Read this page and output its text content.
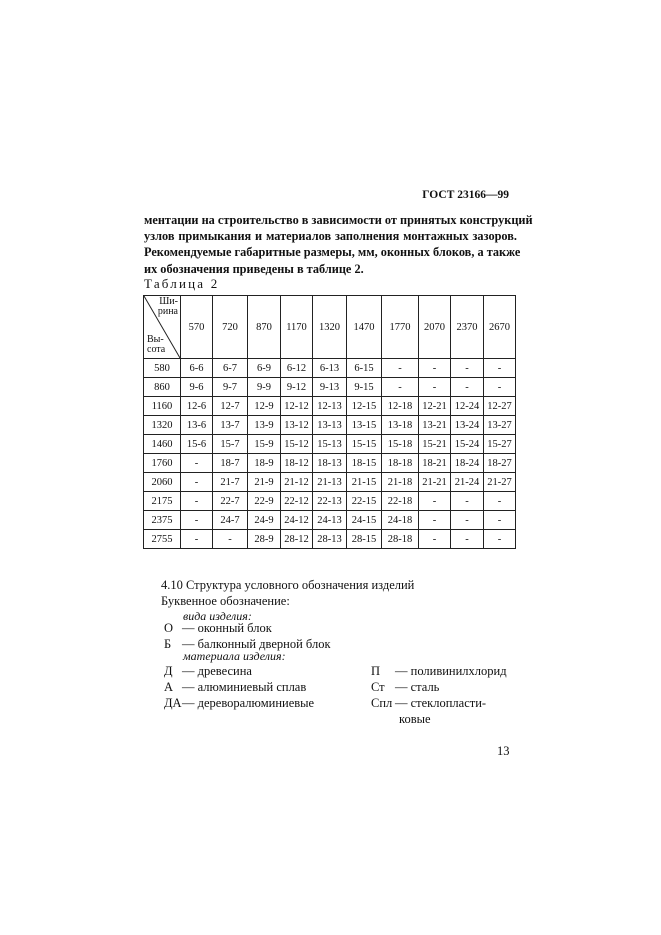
ГОСТ 23166—99
ментации на строительство в зависимости от принятых конструкций
узлов примыкания и материалов заполнения монтажных зазоров.
Рекомендуемые габаритные размеры, мм, оконных блоков, а также
их обозначения приведены в таблице 2.
Таблица 2
Ши-
рина
Вы-
сота	570	720	870	1170	1320	1470	1770	2070	2370	2670
580	6-6	6-7	6-9	6-12	6-13	6-15	-	-	-	-
860	9-6	9-7	9-9	9-12	9-13	9-15	-	-	-	-
1160	12-6	12-7	12-9	12-12	12-13	12-15	12-18	12-21	12-24	12-27
1320	13-6	13-7	13-9	13-12	13-13	13-15	13-18	13-21	13-24	13-27
1460	15-6	15-7	15-9	15-12	15-13	15-15	15-18	15-21	15-24	15-27
1760	-	18-7	18-9	18-12	18-13	18-15	18-18	18-21	18-24	18-27
2060	-	21-7	21-9	21-12	21-13	21-15	21-18	21-21	21-24	21-27
2175	-	22-7	22-9	22-12	22-13	22-15	22-18	-	-	-
2375	-	24-7	24-9	24-12	24-13	24-15	24-18	-	-	-
2755	-	-	28-9	28-12	28-13	28-15	28-18	-	-	-
4.10 Структура условного обозначения изделий
Буквенное обозначение:
вида изделия:
О — оконный блок
Б — балконный дверной блок
материала изделия:
Д — древесина
А — алюминиевый сплав
ДА— дереворалюминиевые
П — поливинилхлорид
Ст — сталь
Спл — стеклопласти-
ковые
13
